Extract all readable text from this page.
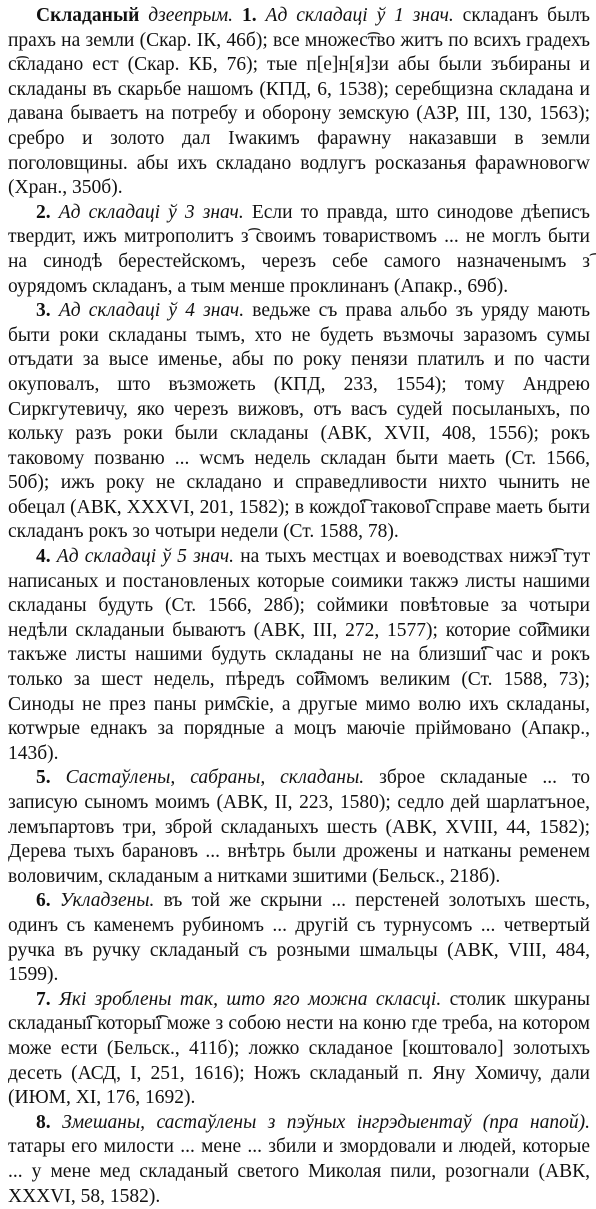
Складаный дзеепрым. 1. Ад складаці ў 1 знач. складанъ былъ прахъ на земли (Скар. ІК, 46б); все множес͡тво житъ по всихъ градехъ с͡кладано ест (Скар. КБ, 76); тые п[е]н[я]зи абы были зъбираны и складаны въ скарьбе нашомъ (КПД, 6, 1538); серебщизна складана и давана бываетъ на потребу и оборону земскую (АЗР, ІІІ, 130, 1563); сребро и золото дал Іwакимъ фараwну наказавши в земли поголовщины. абы ихъ складано водлугъ росказанья фараwновогw (Хран., 350б).

2. Ад складаці ў 3 знач. Если то правда, што синодове дѣеписъ твердит, ижъ митрополитъ з͡ своимъ товариствомъ ... не моглъ быти на синодѣ берестейскомъ, черезъ себе самого назначенымъ з͡ оурядомъ складанъ, а тым менше проклинанъ (Апакр., 69б).

3. Ад складаці ў 4 знач. ведьже съ права альбо зъ уряду мають быти роки складаны тымъ, хто не будеть възмочы заразомъ сумы отъдати за высе именье, абы по року пенязи платилъ и по части окуповалъ, што възможеть (КПД, 233, 1554); тому Андрею Сиркгутевичу, яко черезъ вижовъ, отъ васъ судей посыланыхъ, по кольку разъ роки были складаны (АВК, XVII, 408, 1556); рокъ таковому позваню ... wсмъ недель складан быти маеть (Ст. 1566, 50б); ижъ року не складано и справедливости нихто чынить не обецал (АВК, XXXVI, 201, 1582); в кождо͡ї таково͡ї справе маеть быти складанъ рокъ зо чотыри недели (Ст. 1588, 78).

4. Ад складаці ў 5 знач. на тыхъ местцах и воеводствах нижэ͡ї тут написаных и постановленых которые соимики такжэ листы нашими складаны будуть (Ст. 1566, 28б); соймики повѣтовые за чотыри недѣли складаныи бываютъ (АВК, ІІІ, 272, 1577); которие со͡ймики такъже листы нашими будуть складаны не на близши͡ї час и рокъ только за шест недель, пѣредъ со͡ймомъ великим (Ст. 1588, 73); Синоды не през паны рим͡скіе, а другые мимо волю ихъ складаны, котwрые еднакъ за порядные а моцъ маючіе пріймовано (Апакр., 143б).

5. Састаўлены, сабраны, складаны. зброе складаные ... то записую сыномъ моимъ (АВК, ІІ, 223, 1580); седло дей шарлатъное, лемъпартовъ три, зброй складаныхъ шесть (АВК, XVIII, 44, 1582); Дерева тыхъ барановъ ... внѣтрь были дрожены и натканы ременем воловичим, складаным а нитками зшитими (Бельск., 218б).

6. Укладзены. въ той же скрыни ... перстеней золотыхъ шесть, одинъ съ каменемъ рубиномъ ... другій съ турнусомъ ... четвертый ручка въ ручку складаный съ розными шмальцы (АВК, VIII, 484, 1599).

7. Які зроблены так, што яго можна скласці. столик шкураны складаны͡ї которы͡ї може з собою нести на коню где треба, на котором може ести (Бельск., 411б); ложко складаное [коштовало] золотыхъ десеть (АСД, І, 251, 1616); Ножъ складаный п. Яну Хомичу, дали (ИЮМ, XI, 176, 1692).

8. Змешаны, састаўлены з пэўных інгрэдыентаў (пра напой). татары его милости ... мене ... збили и змордовали и людей, которые ... у мене мед складаный светого Миколая пили, розогнали (АВК, XXXVI, 58, 1582).
